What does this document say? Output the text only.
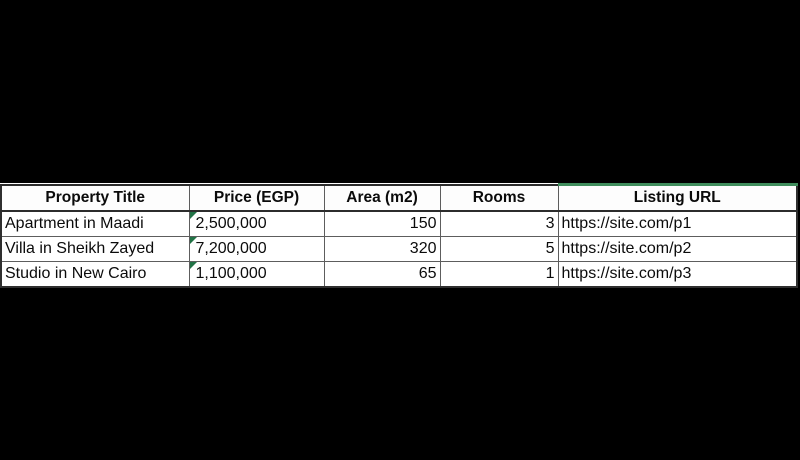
Property Title	Price (EGP)	Area (m2)	Rooms	Listing URL
Apartment in Maadi	2,500,000	150	3	https://site.com/p1
Villa in Sheikh Zayed	7,200,000	320	5	https://site.com/p2
Studio in New Cairo	1,100,000	65	1	https://site.com/p3
